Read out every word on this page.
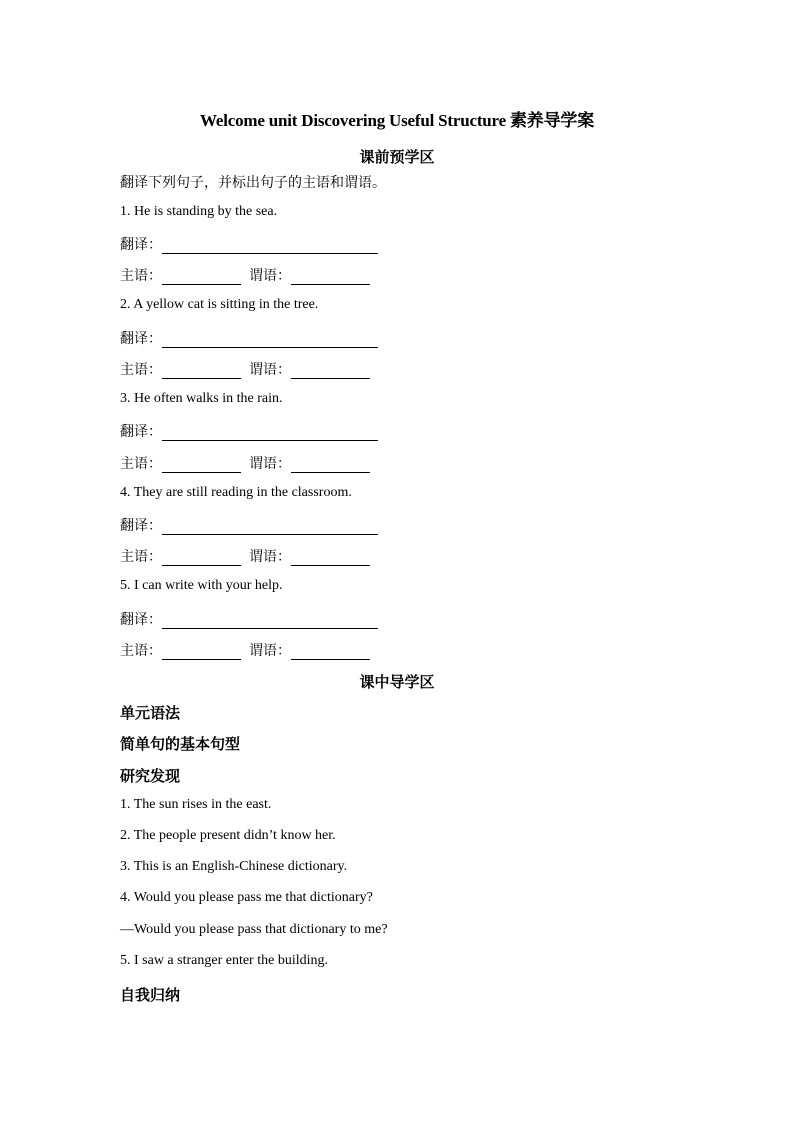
Welcome unit Discovering Useful Structure 素养导学案
课前预学区
翻译下列句子，并标出句子的主语和谓语。
1. He is standing by the sea.
翻译：
主语：	谓语：
2. A yellow cat is sitting in the tree.
翻译：
主语：	谓语：
3. He often walks in the rain.
翻译：
主语：	谓语：
4. They are still reading in the classroom.
翻译：
主语：	谓语：
5. I can write with your help.
翻译：
主语：	谓语：
课中导学区
单元语法
简单句的基本句型
研究发现
1. The sun rises in the east.
2. The people present didn’t know her.
3. This is an English-Chinese dictionary.
4. Would you please pass me that dictionary?
—Would you please pass that dictionary to me?
5. I saw a stranger enter the building.
自我归纳
